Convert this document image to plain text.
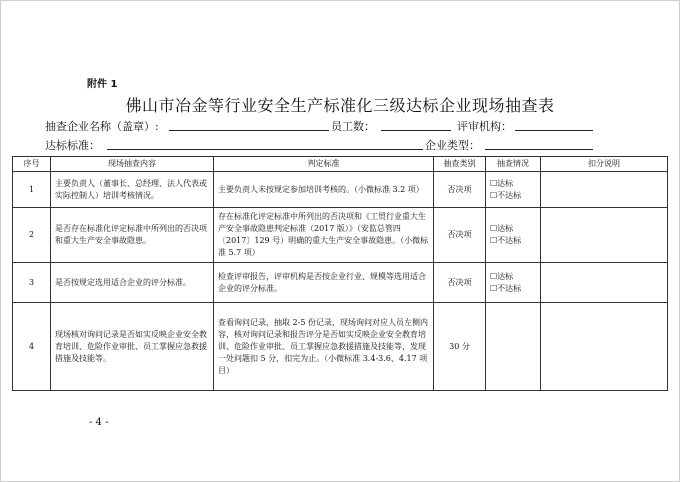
附件 1
佛山市冶金等行业安全生产标准化三级达标企业现场抽查表
抽查企业名称（盖章）:	员工数：	评审机构：
达标标准：	企业类型：
序号	现场抽查内容	判定标准	抽查类别	抽查情况	扣分说明
1	主要负责人（董事长、总经理、法人代表或实际控制人）培训考核情况。	主要负责人未按规定参加培训考核的。（小微标准 3.2 项）	否决项	☐达标
☐不达标	

2	是否存在标准化评定标准中所列出的否决项和重大生产安全事故隐患。	存在标准化评定标准中所列出的否决项和《工贸行业重大生产安全事故隐患判定标准（2017 版）》（安监总管四〔2017〕129 号）明确的重大生产安全事故隐患。（小微标准 5.7 项）	否决项	☐达标
☐不达标	

3	是否按规定选用适合企业的评分标准。	检查评审报告，评审机构是否按企业行业、规模等选用适合企业的评分标准。	否决项	☐达标
☐不达标	

4	现场核对询问记录是否如实反映企业安全教育培训、危险作业审批、员工掌握应急救援措施及技能等。	查看询问记录，抽取 2-5 份记录，现场询问对应人员左侧内容，核对询问记录和报告评分是否如实反映企业安全教育培训、危险作业审批、员工掌握应急救援措施及技能等，发现一处问题扣 5 分，扣完为止。（小微标准 3.4-3.6、4.17 项目）	30 分		
- 4 -
